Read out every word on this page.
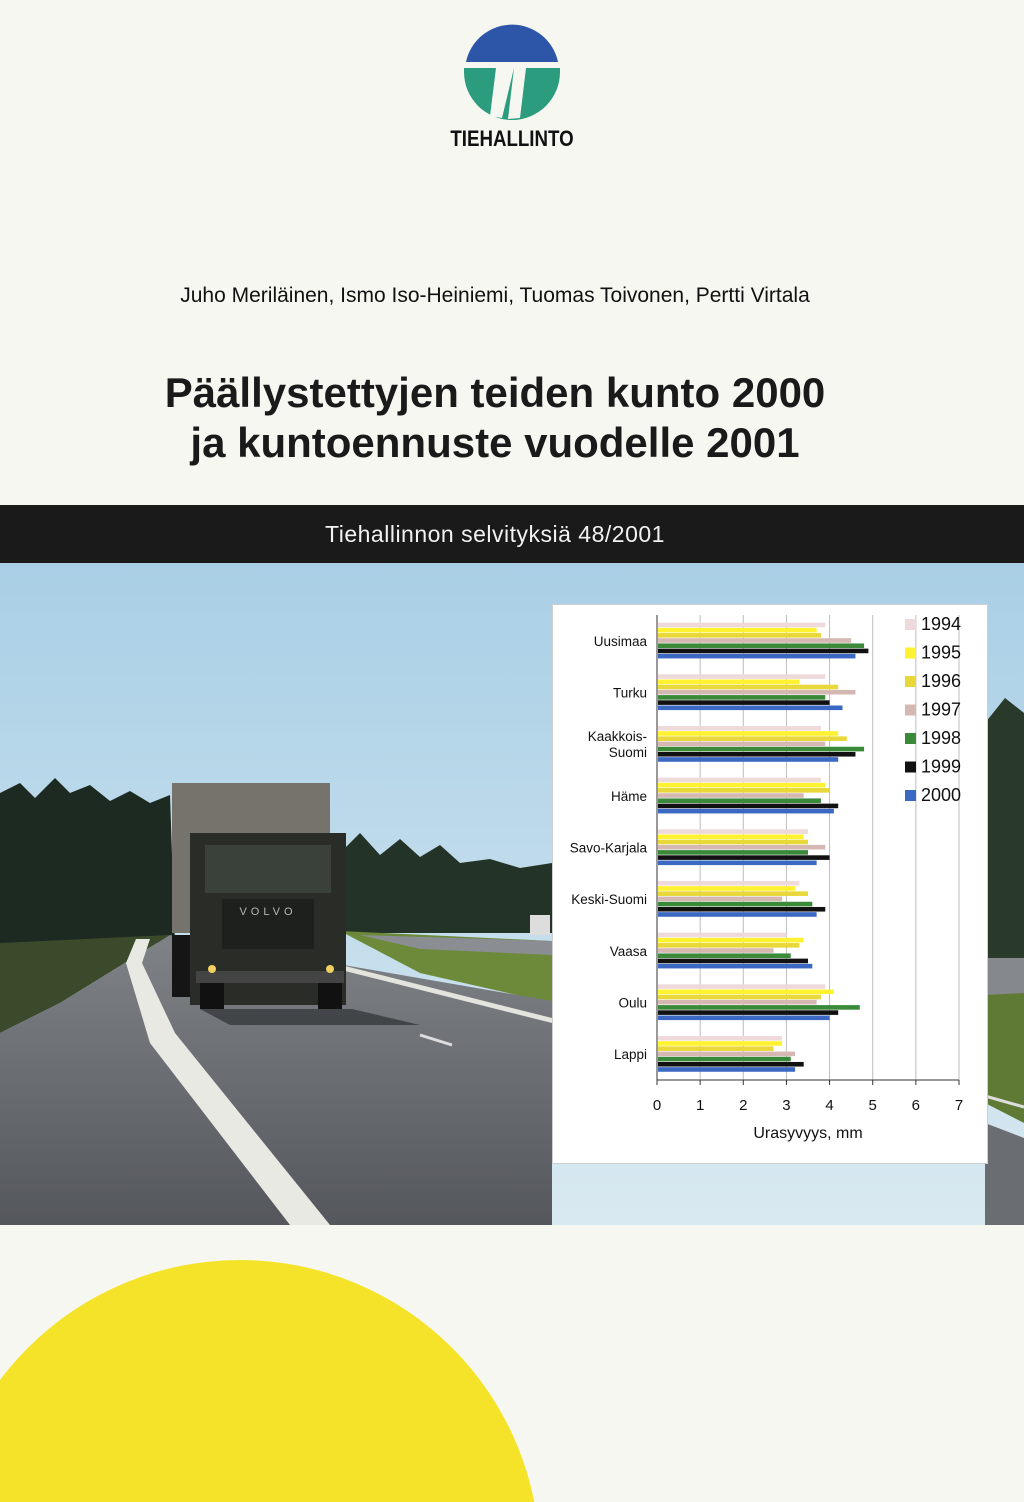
TIEHALLINTO
Juho Meriläinen, Ismo Iso-Heiniemi, Tuomas Toivonen, Pertti Virtala
Päällystettyjen teiden kunto 2000
ja kuntoennuste vuodelle 2001
Tiehallinnon selvityksiä 48/2001
VOLVO
0 1 2 3 4 5 6 7
Urasyvyys, mm
Uusimaa
Turku
Kaakkois-
Suomi
Häme
Savo-Karjala
Keski-Suomi
Vaasa
Oulu
Lappi
1994
1995
1996
1997
1998
1999
2000
